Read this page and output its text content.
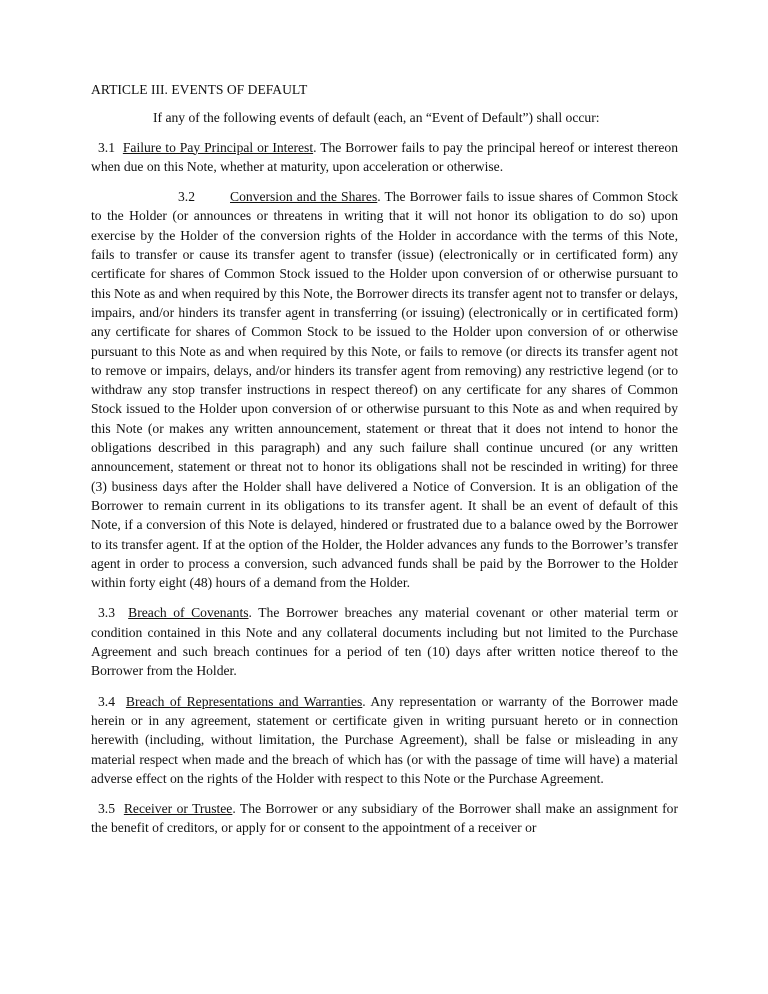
ARTICLE III. EVENTS OF DEFAULT
If any of the following events of default (each, an “Event of Default”) shall occur:

3.1 Failure to Pay Principal or Interest. The Borrower fails to pay the principal hereof or interest thereon when due on this Note, whether at maturity, upon acceleration or otherwise.

3.2	Conversion and the Shares. The Borrower fails to issue shares of Common Stock to the Holder (or announces or threatens in writing that it will not honor its obligation to do so) upon exercise by the Holder of the conversion rights of the Holder in accordance with the terms of this Note, fails to transfer or cause its transfer agent to transfer (issue) (electronically or in certificated form) any certificate for shares of Common Stock issued to the Holder upon conversion of or otherwise pursuant to this Note as and when required by this Note, the Borrower directs its transfer agent not to transfer or delays, impairs, and/or hinders its transfer agent in transferring (or issuing) (electronically or in certificated form) any certificate for shares of Common Stock to be issued to the Holder upon conversion of or otherwise pursuant to this Note as and when required by this Note, or fails to remove (or directs its transfer agent not to remove or impairs, delays, and/or hinders its transfer agent from removing) any restrictive legend (or to withdraw any stop transfer instructions in respect thereof) on any certificate for any shares of Common Stock issued to the Holder upon conversion of or otherwise pursuant to this Note as and when required by this Note (or makes any written announcement, statement or threat that it does not intend to honor the obligations described in this paragraph) and any such failure shall continue uncured (or any written announcement, statement or threat not to honor its obligations shall not be rescinded in writing) for three (3) business days after the Holder shall have delivered a Notice of Conversion. It is an obligation of the Borrower to remain current in its obligations to its transfer agent. It shall be an event of default of this Note, if a conversion of this Note is delayed, hindered or frustrated due to a balance owed by the Borrower to its transfer agent. If at the option of the Holder, the Holder advances any funds to the Borrower’s transfer agent in order to process a conversion, such advanced funds shall be paid by the Borrower to the Holder within forty eight (48) hours of a demand from the Holder.

3.3 Breach of Covenants. The Borrower breaches any material covenant or other material term or condition contained in this Note and any collateral documents including but not limited to the Purchase Agreement and such breach continues for a period of ten (10) days after written notice thereof to the Borrower from the Holder.

3.4 Breach of Representations and Warranties. Any representation or warranty of the Borrower made herein or in any agreement, statement or certificate given in writing pursuant hereto or in connection herewith (including, without limitation, the Purchase Agreement), shall be false or misleading in any material respect when made and the breach of which has (or with the passage of time will have) a material adverse effect on the rights of the Holder with respect to this Note or the Purchase Agreement.

3.5 Receiver or Trustee. The Borrower or any subsidiary of the Borrower shall make an assignment for the benefit of creditors, or apply for or consent to the appointment of a receiver or
